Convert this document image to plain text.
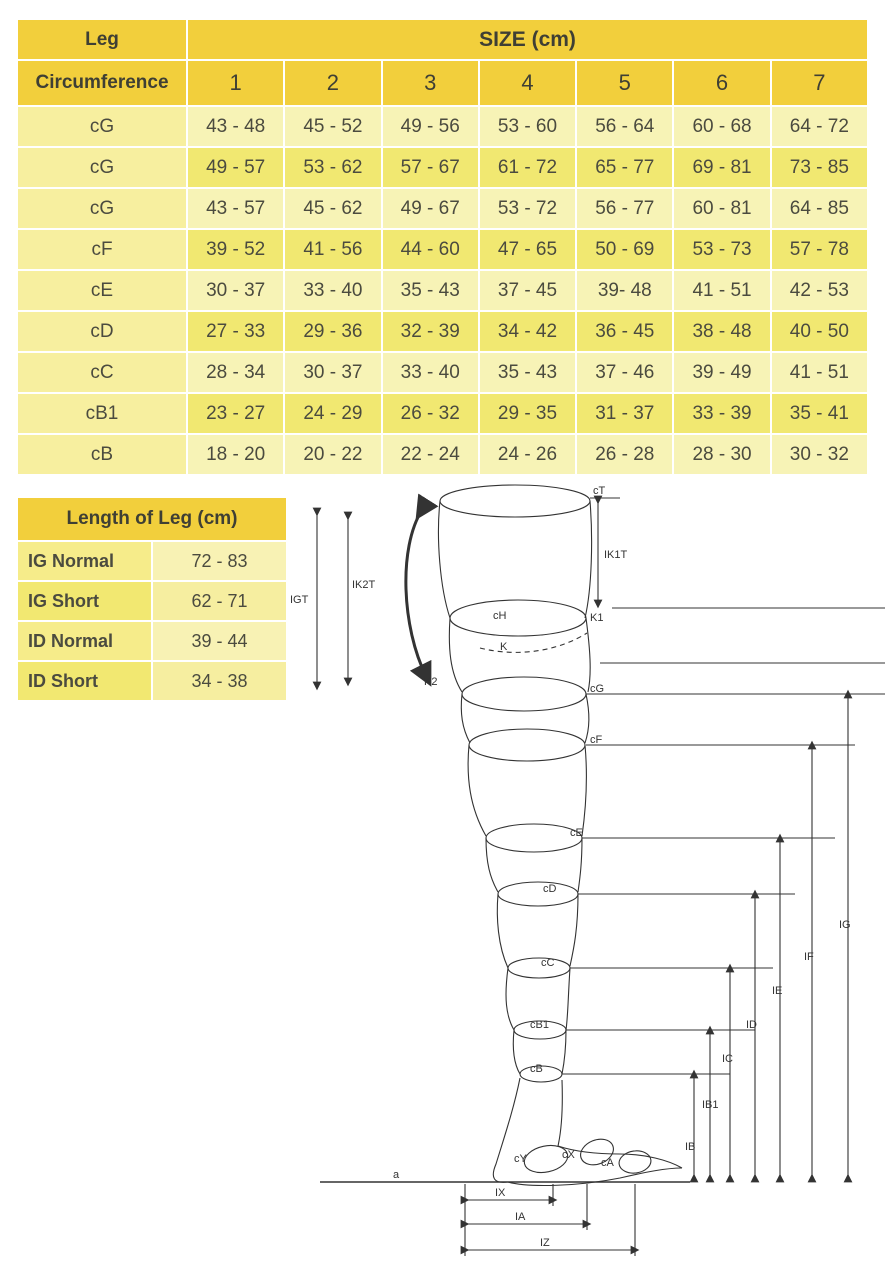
Leg	SIZE (cm)						
Circumference	1	2	3	4	5	6	7
cG	43 - 48	45 - 52	49 - 56	53 - 60	56 - 64	60 - 68	64 - 72
cG	49 - 57	53 - 62	57 - 67	61 - 72	65 - 77	69 - 81	73 - 85
cG	43 - 57	45 - 62	49 - 67	53 - 72	56 - 77	60 - 81	64 - 85
cF	39 - 52	41 - 56	44 - 60	47 - 65	50 - 69	53 - 73	57 - 78
cE	30 - 37	33 - 40	35 - 43	37 - 45	39- 48	41 - 51	42 - 53
cD	27 - 33	29 - 36	32 - 39	34 - 42	36 - 45	38 - 48	40 - 50
cC	28 - 34	30 - 37	33 - 40	35 - 43	37 - 46	39 - 49	41 - 51
cB1	23 - 27	24 - 29	26 - 32	29 - 35	31 - 37	33 - 39	35 - 41
cB	18 - 20	20 - 22	22 - 24	24 - 26	26 - 28	28 - 30	30 - 32
Length of Leg (cm)	
IG Normal	72 - 83
IG Short	62 - 71
ID Normal	39 - 44
ID Short	34 - 38
cT
cH	K1
K
K2
cG
cF
cE
cD
cC
cB1
cB
cY	cX
cA
IK1T
IK2T
IGT
IB
IB1
IC
ID
IE
IF
IG
IX
IA
IZ
a
